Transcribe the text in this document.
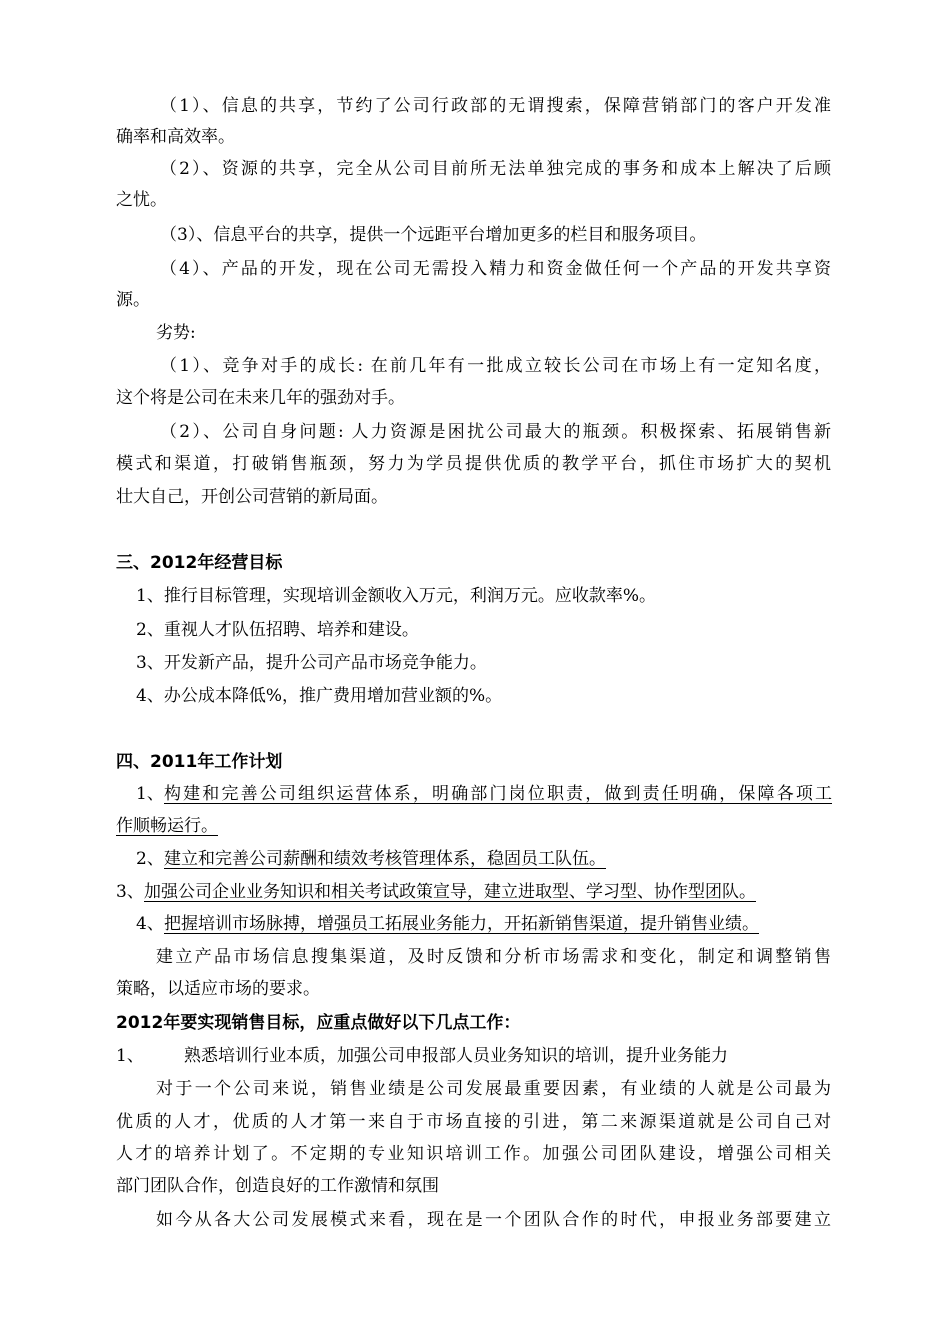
（1）、信息的共享，节约了公司行政部的无谓搜索，保障营销部门的客户开发准
确率和高效率。
（2）、资源的共享，完全从公司目前所无法单独完成的事务和成本上解决了后顾
之忧。
（3）、信息平台的共享，提供一个远距平台增加更多的栏目和服务项目。
（4）、产品的开发，现在公司无需投入精力和资金做任何一个产品的开发共享资
源。
劣势:
（1）、竞争对手的成长: 在前几年有一批成立较长公司在市场上有一定知名度，
这个将是公司在未来几年的强劲对手。
（2）、公司自身问题: 人力资源是困扰公司最大的瓶颈。积极探索、拓展销售新
模式和渠道，打破销售瓶颈，努力为学员提供优质的教学平台，抓住市场扩大的契机
壮大自己，开创公司营销的新局面。
三、2012年经营目标
1、推行目标管理，实现培训金额收入万元，利润万元。应收款率%。
2、重视人才队伍招聘、培养和建设。
3、开发新产品，提升公司产品市场竞争能力。
4、办公成本降低%，推广费用增加营业额的%。
四、2011年工作计划
1、 构建和完善公司组织运营体系，明确部门岗位职责，做到责任明确，保障各项工
作顺畅运行。
2、 建立和完善公司薪酬和绩效考核管理体系，稳固员工队伍。
3、 加强公司企业业务知识和相关考试政策宣导，建立进取型、学习型、协作型团队。
4、 把握培训市场脉搏，增强员工拓展业务能力，开拓新销售渠道，提升销售业绩。
建立产品市场信息搜集渠道，及时反馈和分析市场需求和变化，制定和调整销售
策略，以适应市场的要求。
2012年要实现销售目标，应重点做好以下几点工作：
1、 熟悉培训行业本质，加强公司申报部人员业务知识的培训，提升业务能力
对于一个公司来说，销售业绩是公司发展最重要因素，有业绩的人就是公司最为
优质的人才，优质的人才第一来自于市场直接的引进，第二来源渠道就是公司自己对
人才的培养计划了。不定期的专业知识培训工作。加强公司团队建设，增强公司相关
部门团队合作，创造良好的工作激情和氛围
如今从各大公司发展模式来看，现在是一个团队合作的时代，申报业务部要建立
